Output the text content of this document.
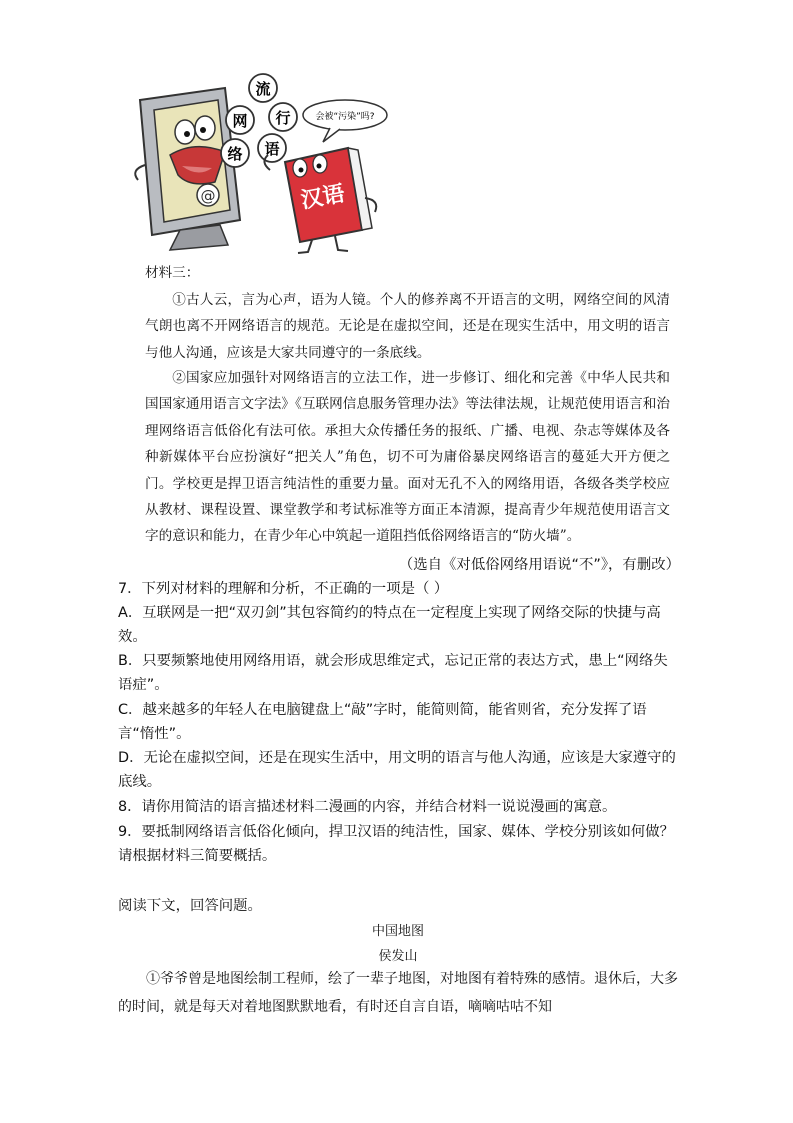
@
流
网 行
络 语
会被“污染”吗?
汉语

材料三：

①古人云，言为心声，语为人镜。个人的修养离不开语言的文明，网络空间的风清气朗也离不开网络语言的规范。无论是在虚拟空间，还是在现实生活中，用文明的语言与他人沟通，应该是大家共同遵守的一条底线。

②国家应加强针对网络语言的立法工作，进一步修订、细化和完善《中华人民共和国国家通用语言文字法》《互联网信息服务管理办法》等法律法规，让规范使用语言和治理网络语言低俗化有法可依。承担大众传播任务的报纸、广播、电视、杂志等媒体及各种新媒体平台应扮演好“把关人”角色，切不可为庸俗暴戾网络语言的蔓延大开方便之门。学校更是捍卫语言纯洁性的重要力量。面对无孔不入的网络用语，各级各类学校应从教材、课程设置、课堂教学和考试标准等方面正本清源，提高青少年规范使用语言文字的意识和能力，在青少年心中筑起一道阻挡低俗网络语言的“防火墙”。

（选自《对低俗网络用语说“不”》，有删改）

7．下列对材料的理解和分析，不正确的一项是（ ）

A．互联网是一把“双刃剑”其包容简约的特点在一定程度上实现了网络交际的快捷与高效。

B．只要频繁地使用网络用语，就会形成思维定式，忘记正常的表达方式，患上“网络失语症”。

C．越来越多的年轻人在电脑键盘上“敲”字时，能简则简，能省则省，充分发挥了语言“惰性”。

D．无论在虚拟空间，还是在现实生活中，用文明的语言与他人沟通，应该是大家遵守的底线。

8．请你用简洁的语言描述材料二漫画的内容，并结合材料一说说漫画的寓意。

9．要抵制网络语言低俗化倾向，捍卫汉语的纯洁性，国家、媒体、学校分别该如何做？请根据材料三简要概括。

阅读下文，回答问题。

中国地图

侯发山

①爷爷曾是地图绘制工程师，绘了一辈子地图，对地图有着特殊的感情。退休后，大多的时间，就是每天对着地图默默地看，有时还自言自语，嘀嘀咕咕不知
